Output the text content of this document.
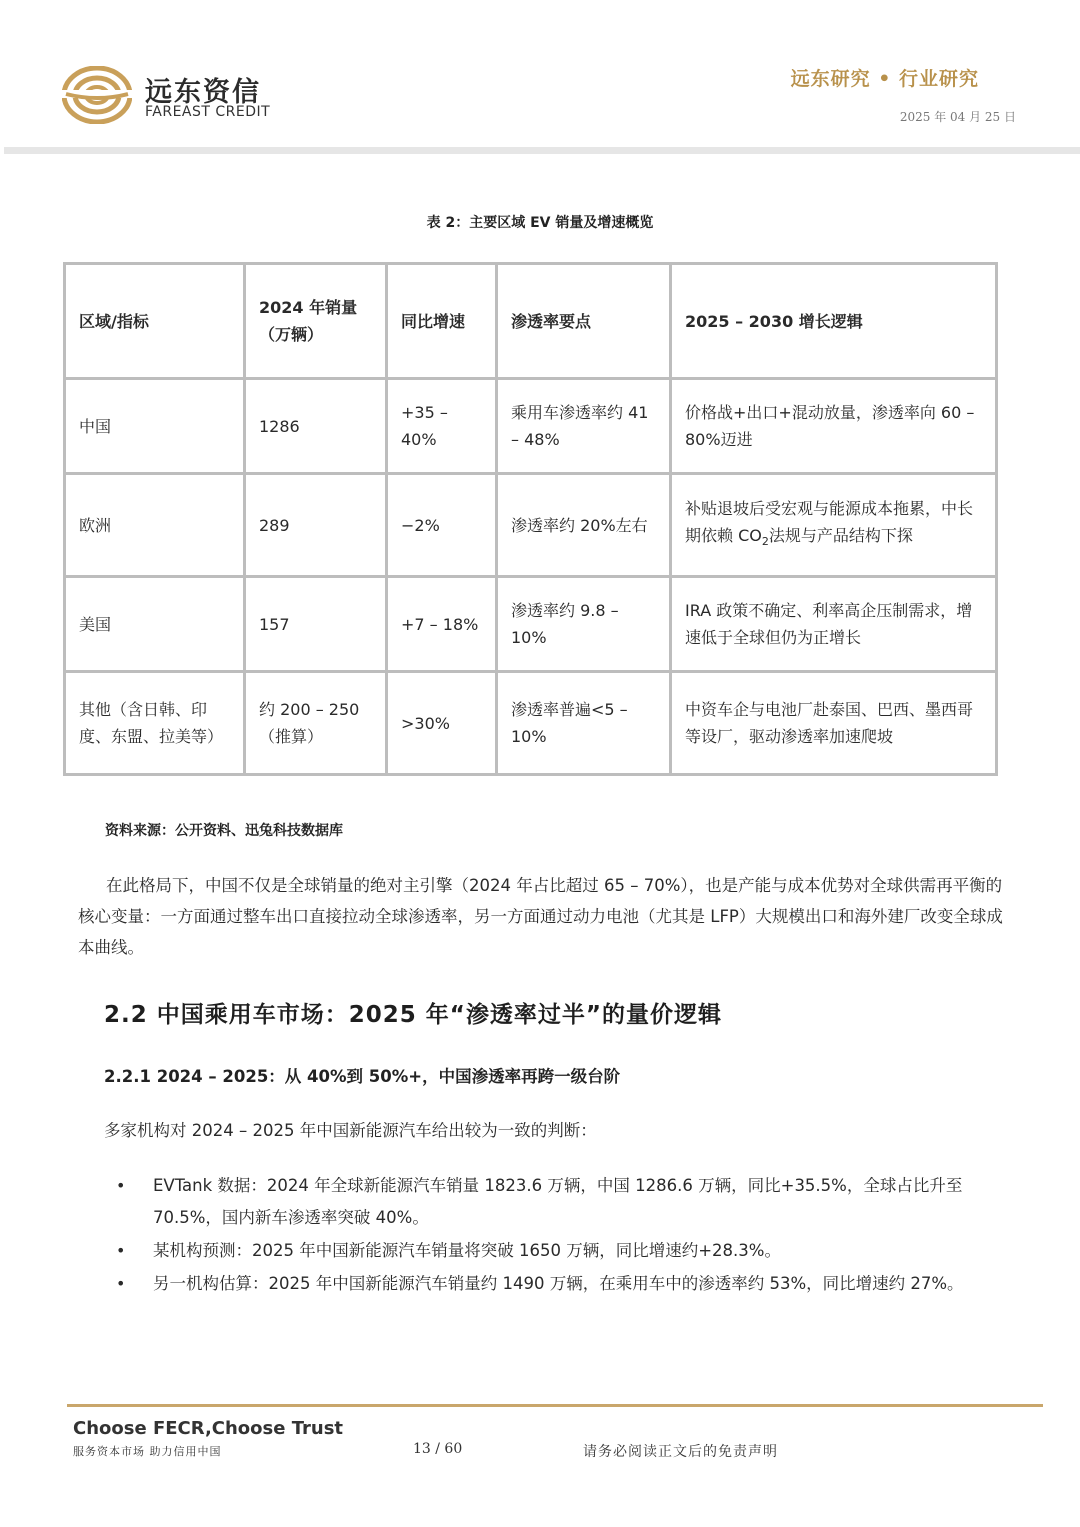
远东资信
FAREAST CREDIT
远东研究 • 行业研究
2025 年 04 月 25 日
表 2：主要区域 EV 销量及增速概览
区域/指标	2024 年销量（万辆）	同比增速	渗透率要点	2025 – 2030 增长逻辑
中国	1286	+35 – 40%	乘用车渗透率约 41 – 48%	价格战+出口+混动放量，渗透率向 60 – 80%迈进
欧洲	289	−2%	渗透率约 20%左右	补贴退坡后受宏观与能源成本拖累，中长期依赖 $CO_2$法规与产品结构下探
美国	157	+7 – 18%	渗透率约 9.8 – 10%	IRA 政策不确定、利率高企压制需求，增速低于全球但仍为正增长
其他（含日韩、印度、东盟、拉美等）	约 200 – 250（推算）	>30%	渗透率普遍<5 – 10%	中资车企与电池厂赴泰国、巴西、墨西哥等设厂，驱动渗透率加速爬坡
资料来源：公开资料、迅兔科技数据库
在此格局下，中国不仅是全球销量的绝对主引擎（2024 年占比超过 65 – 70%），也是产能与成本优势对全球供需再平衡的核心变量：一方面通过整车出口直接拉动全球渗透率，另一方面通过动力电池（尤其是 LFP）大规模出口和海外建厂改变全球成本曲线。
2.2 中国乘用车市场：2025 年“渗透率过半”的量价逻辑
2.2.1 2024 – 2025：从 40%到 50%+，中国渗透率再跨一级台阶
多家机构对 2024 – 2025 年中国新能源汽车给出较为一致的判断：
• EVTank 数据：2024 年全球新能源汽车销量 1823.6 万辆，中国 1286.6 万辆，同比+35.5%，全球占比升至 70.5%，国内新车渗透率突破 40%。
• 某机构预测：2025 年中国新能源汽车销量将突破 1650 万辆，同比增速约+28.3%。
• 另一机构估算：2025 年中国新能源汽车销量约 1490 万辆，在乘用车中的渗透率约 53%，同比增速约 27%。
Choose FECR,Choose Trust
服务资本市场 助力信用中国	13 / 60	请务必阅读正文后的免责声明
